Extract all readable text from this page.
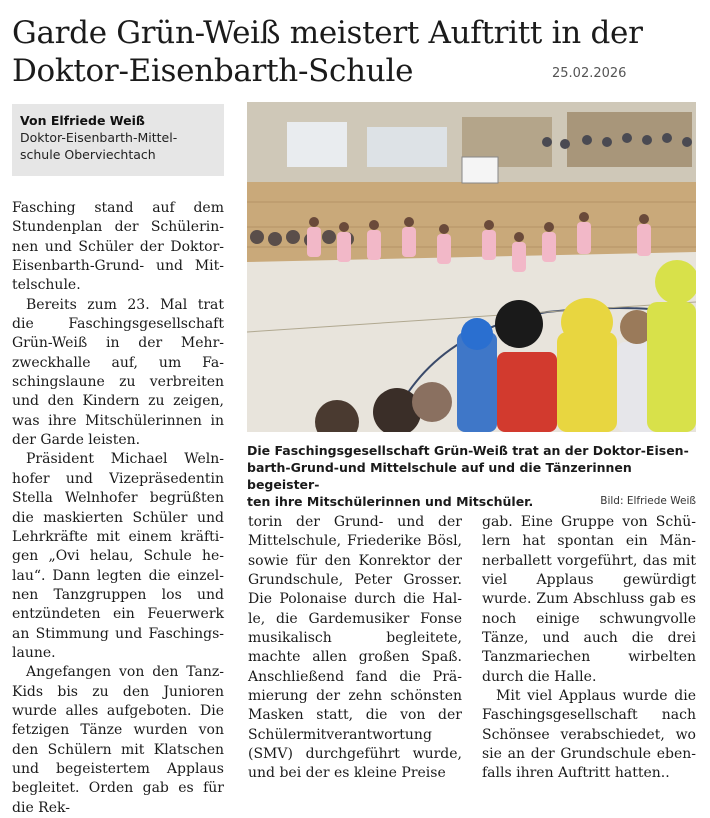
Garde Grün-Weiß meistert Auftritt in der Doktor-Eisenbarth-Schule	25.02.2026
Von Elfriede Weiß
Doktor-Eisenbarth-Mittel-
schule Oberviechtach

Die Faschingsgesellschaft Grün-Weiß trat an der Doktor-Eisen-
barth-Grund-und Mittelschule auf und die Tänzerinnen begeister-
ten ihre Mitschülerinnen und Mitschüler.	Bild: Elfriede Weiß

Fasching stand auf dem Stundenplan der Schülerinnen und Schüler der Doktor-Eisenbarth-Grund- und Mittelschule.

Bereits zum 23. Mal trat die Faschingsgesellschaft Grün-Weiß in der Mehrzweckhalle auf, um Faschingslaune zu verbreiten und den Kindern zu zeigen, was ihre Mitschülerinnen in der Garde leisten.

Präsident Michael Welnhofer und Vizepräsedentin Stella Welnhofer begrüßten die maskierten Schüler und Lehrkräfte mit einem kräftigen „Ovi helau, Schule helau“. Dann legten die einzelnen Tanzgruppen los und entzündeten ein Feuerwerk an Stimmung und Faschingslaune.

Angefangen von den Tanz-Kids bis zu den Junioren wurde alles aufgeboten. Die fetzigen Tänze wurden von den Schülern mit Klatschen und begeistertem Applaus begleitet. Orden gab es für die Rek-

torin der Grund- und der Mittelschule, Friederike Bösl, sowie für den Konrektor der Grundschule, Peter Grosser. Die Polonaise durch die Halle, die Gardemusiker Fonse musikalisch begleitete, machte allen großen Spaß. Anschließend fand die Prämierung der zehn schönsten Masken statt, die von der Schülermitverantwortung (SMV) durchgeführt wurde, und bei der es kleine Preise

gab. Eine Gruppe von Schülern hat spontan ein Männerballett vorgeführt, das mit viel Applaus gewürdigt wurde. Zum Abschluss gab es noch einige schwungvolle Tänze, und auch die drei Tanzmariechen wirbelten durch die Halle.

Mit viel Applaus wurde die Faschingsgesellschaft nach Schönsee verabschiedet, wo sie an der Grundschule ebenfalls ihren Auftritt hatten..
